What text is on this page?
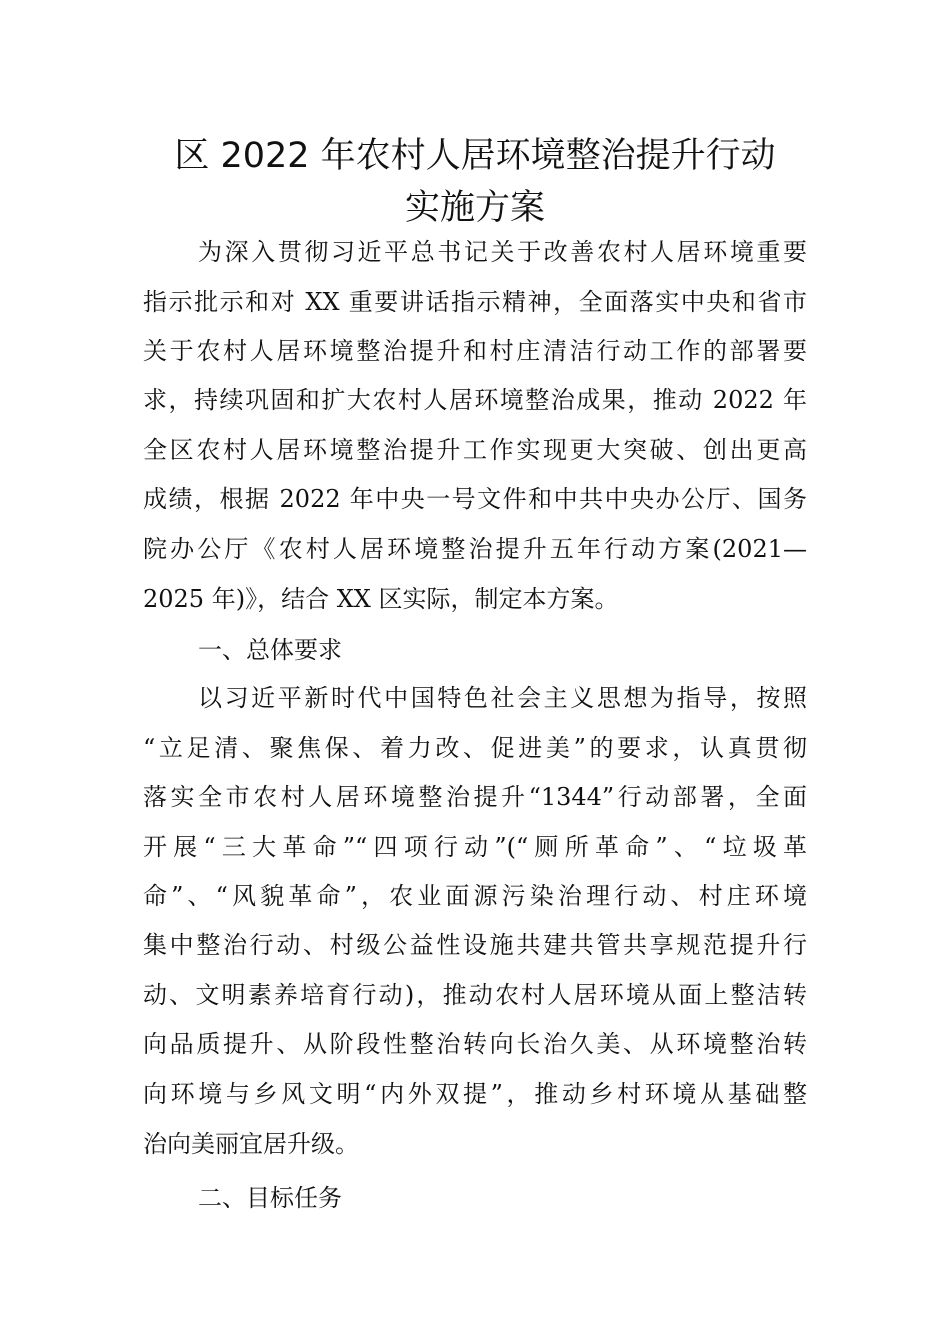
区 2022 年农村人居环境整治提升行动
实施方案
为深入贯彻习近平总书记关于改善农村人居环境重要
指示批示和对 XX 重要讲话指示精神，全面落实中央和省市
关于农村人居环境整治提升和村庄清洁行动工作的部署要
求，持续巩固和扩大农村人居环境整治成果，推动 2022 年
全区农村人居环境整治提升工作实现更大突破、创出更高
成绩，根据 2022 年中央一号文件和中共中央办公厅、国务
院办公厅《农村人居环境整治提升五年行动方案(2021—
2025 年)》，结合 XX 区实际，制定本方案。
一、总体要求
以习近平新时代中国特色社会主义思想为指导，按照
“立足清、聚焦保、着力改、促进美”的要求，认真贯彻
落实全市农村人居环境整治提升“1344”行动部署，全面
开展“三大革命”“四项行动”(“厕所革命”、“垃圾革
命”、“风貌革命”，农业面源污染治理行动、村庄环境
集中整治行动、村级公益性设施共建共管共享规范提升行
动、文明素养培育行动)，推动农村人居环境从面上整洁转
向品质提升、从阶段性整治转向长治久美、从环境整治转
向环境与乡风文明“内外双提”，推动乡村环境从基础整
治向美丽宜居升级。
二、目标任务
